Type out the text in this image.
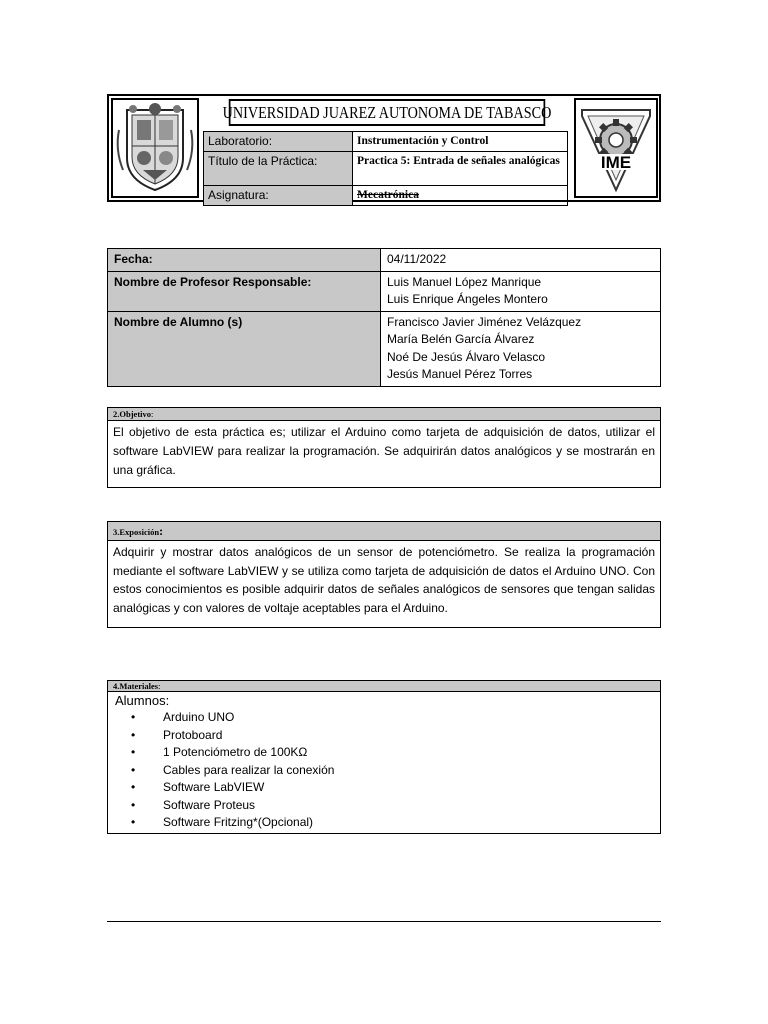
UNIVERSIDAD JUAREZ AUTONOMA DE TABASCO
Laboratorio:	Instrumentación y Control
Título de la Práctica:	Practica 5: Entrada de señales analógicas
Asignatura:	Mecatrónica
IME
Fecha:	04/11/2022
Nombre de Profesor Responsable:	Luis Manuel López Manrique
Luis Enrique Ángeles Montero

Nombre de Alumno (s)	Francisco Javier Jiménez Velázquez
María Belén García Álvarez
Noé De Jesús Álvaro Velasco
Jesús Manuel Pérez Torres
2.Objetivo:
El objetivo de esta práctica es; utilizar el Arduino como tarjeta de adquisición de datos, utilizar el software LabVIEW para realizar la programación. Se adquirirán datos analógicos y se mostrarán en una gráfica.
3.Exposición:
Adquirir y mostrar datos analógicos de un sensor de potenciómetro. Se realiza la programación mediante el software LabVIEW y se utiliza como tarjeta de adquisición de datos el Arduino UNO. Con estos conocimientos es posible adquirir datos de señales analógicos de sensores que tengan salidas analógicas y con valores de voltaje aceptables para el Arduino.
4.Materiales:
Alumnos:
• Arduino UNO
• Protoboard
• 1 Potenciómetro de 100KΩ
• Cables para realizar la conexión
• Software LabVIEW
• Software Proteus
• Software Fritzing*(Opcional)
